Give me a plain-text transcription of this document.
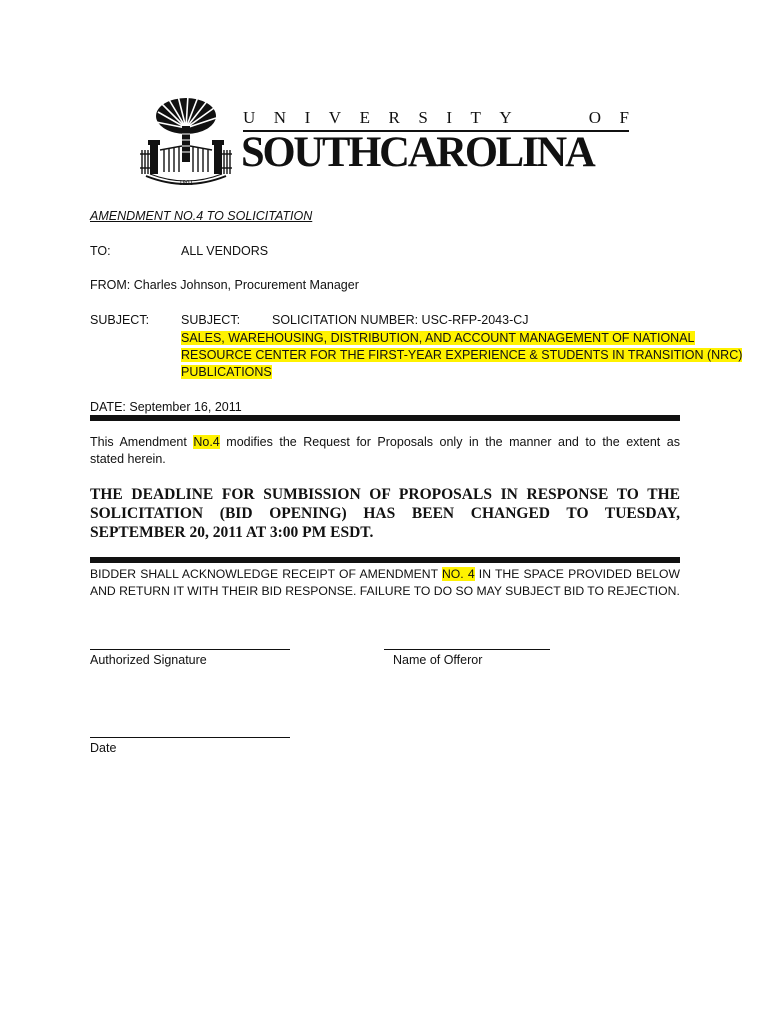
1801
U N I V E R S I T Y	O F
SOUTHCAROLINA
AMENDMENT NO.4 TO SOLICITATION
TO:	ALL VENDORS
FROM: Charles Johnson, Procurement Manager
SUBJECT:	SUBJECT:	SOLICITATION NUMBER: USC-RFP-2043-CJ
SALES, WAREHOUSING, DISTRIBUTION, AND ACCOUNT MANAGEMENT OF NATIONAL
RESOURCE CENTER FOR THE FIRST-YEAR EXPERIENCE & STUDENTS IN TRANSITION (NRC)
PUBLICATIONS
DATE: September 16, 2011
This Amendment No.4 modifies the Request for Proposals only in the manner and to the extent as
stated herein.
THE DEADLINE FOR SUMBISSION OF PROPOSALS IN RESPONSE TO THE SOLICITATION (BID OPENING) HAS BEEN CHANGED TO TUESDAY, SEPTEMBER 20, 2011 AT 3:00 PM ESDT.
BIDDER SHALL ACKNOWLEDGE RECEIPT OF AMENDMENT NO. 4 IN THE SPACE PROVIDED BELOW AND RETURN IT WITH THEIR BID RESPONSE. FAILURE TO DO SO MAY SUBJECT BID TO REJECTION.
Authorized Signature	Name of Offeror
Date
